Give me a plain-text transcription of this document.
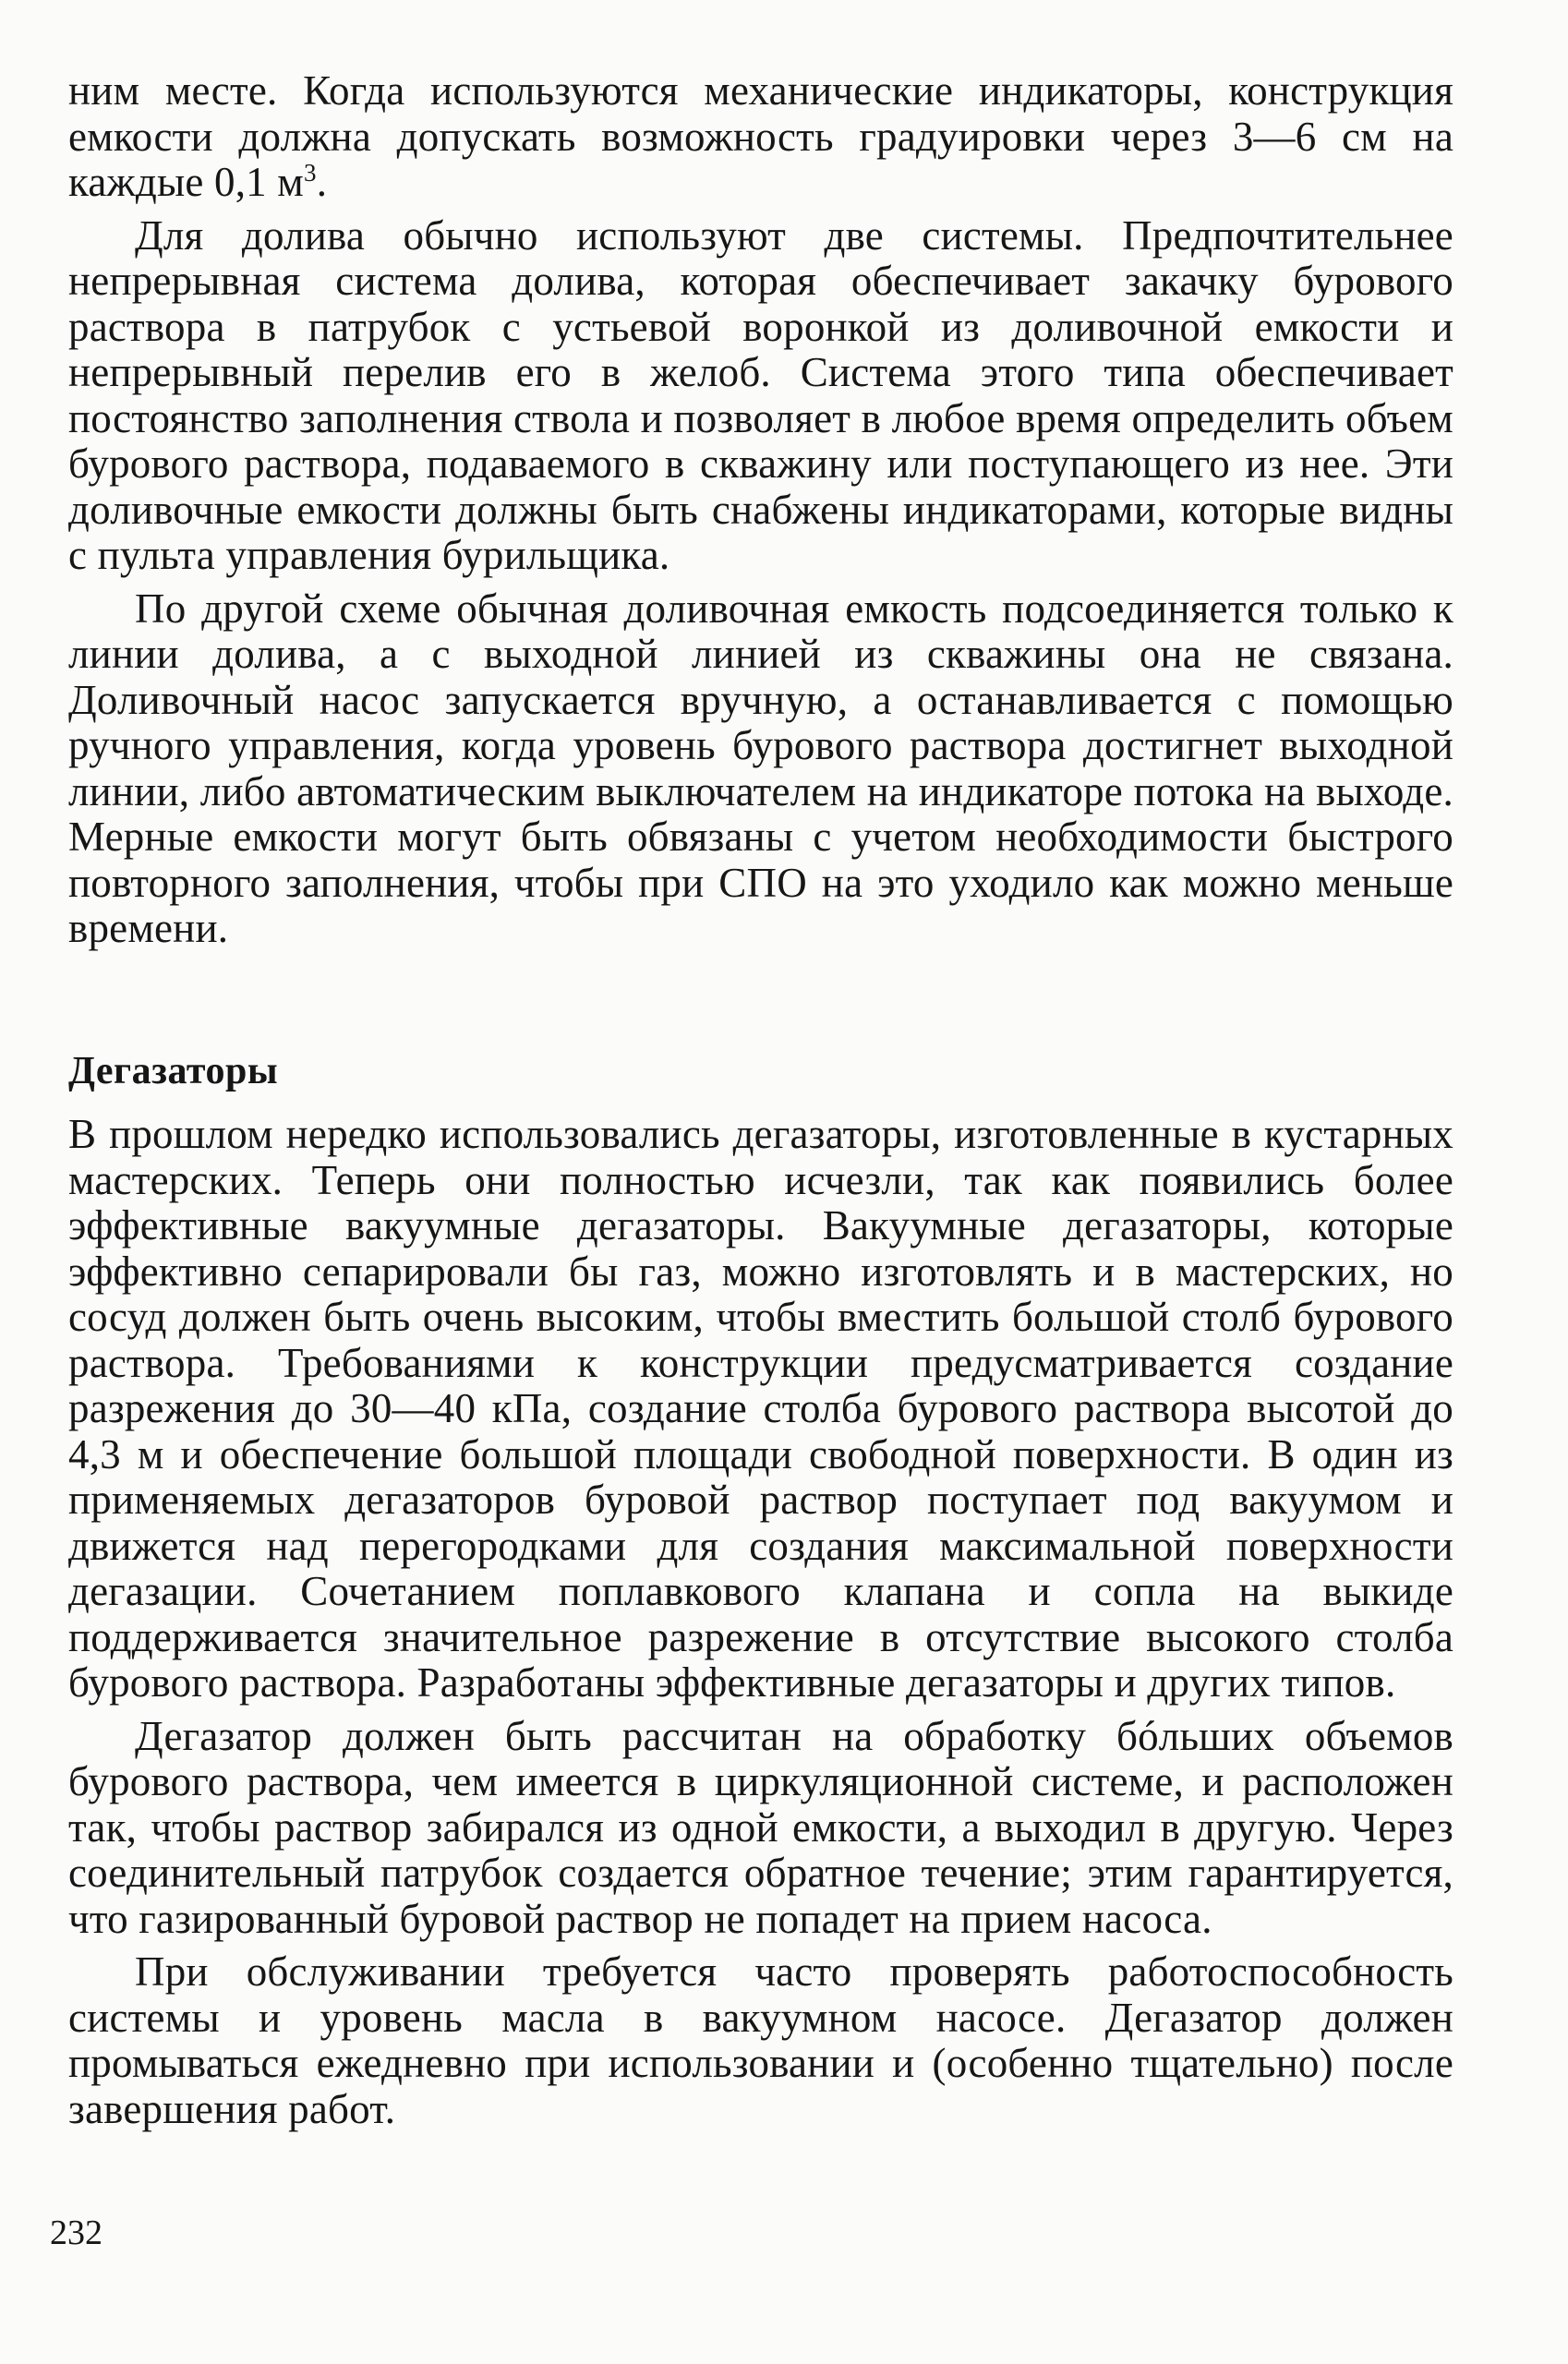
ним месте. Когда используются механические индикаторы, конструкция емкости должна допускать возможность градуировки через 3—6 см на каждые 0,1 $м^3$.

Для долива обычно используют две системы. Предпочтительнее непрерывная система долива, которая обеспечивает закачку бурового раствора в патрубок с устьевой воронкой из доливочной емкости и непрерывный перелив его в желоб. Система этого типа обеспечивает постоянство заполнения ствола и позволяет в любое время определить объем бурового раствора, подаваемого в скважину или поступающего из нее. Эти доливочные емкости должны быть снабжены индикаторами, которые видны с пульта управления бурильщика.

По другой схеме обычная доливочная емкость подсоединяется только к линии долива, а с выходной линией из скважины она не связана. Доливочный насос запускается вручную, а останавливается с помощью ручного управления, когда уровень бурового раствора достигнет выходной линии, либо автоматическим выключателем на индикаторе потока на выходе. Мерные емкости могут быть обвязаны с учетом необходимости быстрого повторного заполнения, чтобы при СПО на это уходило как можно меньше времени.

Дегазаторы

В прошлом нередко использовались дегазаторы, изготовленные в кустарных мастерских. Теперь они полностью исчезли, так как появились более эффективные вакуумные дегазаторы. Вакуумные дегазаторы, которые эффективно сепарировали бы газ, можно изготовлять и в мастерских, но сосуд должен быть очень высоким, чтобы вместить большой столб бурового раствора. Требованиями к конструкции предусматривается создание разрежения до 30—40 кПа, создание столба бурового раствора высотой до 4,3 м и обеспечение большой площади свободной поверхности. В один из применяемых дегазаторов буровой раствор поступает под вакуумом и движется над перегородками для создания максимальной поверхности дегазации. Сочетанием поплавкового клапана и сопла на выкиде поддерживается значительное разрежение в отсутствие высокого столба бурового раствора. Разработаны эффективные дегазаторы и других типов.

Дегазатор должен быть рассчитан на обработку бóльших объемов бурового раствора, чем имеется в циркуляционной системе, и расположен так, чтобы раствор забирался из одной емкости, а выходил в другую. Через соединительный патрубок создается обратное течение; этим гарантируется, что газированный буровой раствор не попадет на прием насоса.

При обслуживании требуется часто проверять работоспособность системы и уровень масла в вакуумном насосе. Дегазатор должен промываться ежедневно при использовании и (особенно тщательно) после завершения работ.

232
